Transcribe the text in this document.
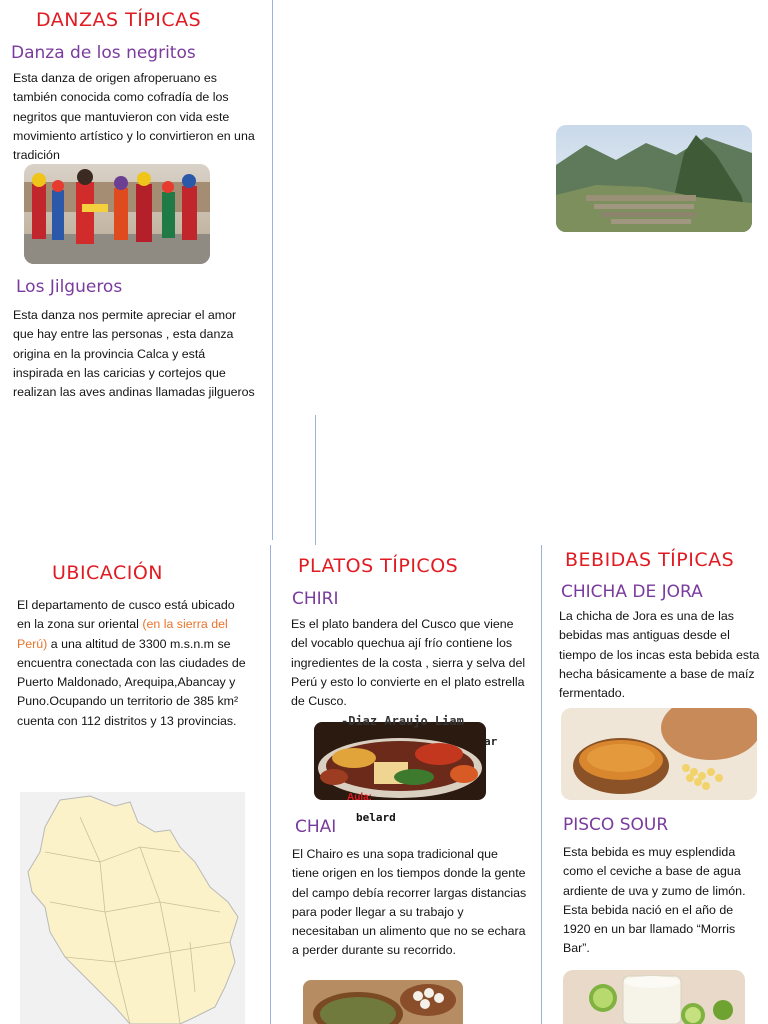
DANZAS TÍPICAS
Danza de los negritos
Esta danza de origen afroperuano es también conocida como cofradía de los negritos que mantuvieron con vida este movimiento artístico y lo convirtieron en una tradición
Los Jilgueros
Esta danza nos permite apreciar el amor que hay entre las personas , esta danza origina en la provincia Calca y está inspirada en las caricias y cortejos que realizan las aves andinas llamadas jilgueros
UBICACIÓN
El departamento de cusco está ubicado en la zona sur oriental (en la sierra del Perú) a una altitud de 3300 m.s.n.m se encuentra conectada con las ciudades de Puerto Maldonado, Arequipa,Abancay y Puno.Ocupando un territorio de 385 km² cuenta con 112 distritos y 13 provincias.
PLATOS TÍPICOS
CHIRI
Es el plato bandera del Cusco que viene del vocablo quechua ají frío contiene los ingredientes de la costa , sierra y selva del Perú y esto lo convierte en el plato estrella de Cusco.
-Diaz Araujo Liam
ar
Aula:
belard
CHAI
El Chairo es una sopa tradicional que tiene origen en los tiempos donde la gente del campo debía recorrer largas distancias para poder llegar a su trabajo y necesitaban un alimento que no se echara a perder durante su recorrido.
BEBIDAS TÍPICAS
CHICHA DE JORA
La chicha de Jora es una de las bebidas mas antiguas desde el tiempo de los incas esta bebida esta hecha básicamente a base de maíz fermentado.
PISCO SOUR
Esta bebida es muy esplendida como el ceviche a base de agua ardiente de uva y zumo de limón. Esta bebida nació en el año de 1920 en un bar llamado “Morris Bar”.
